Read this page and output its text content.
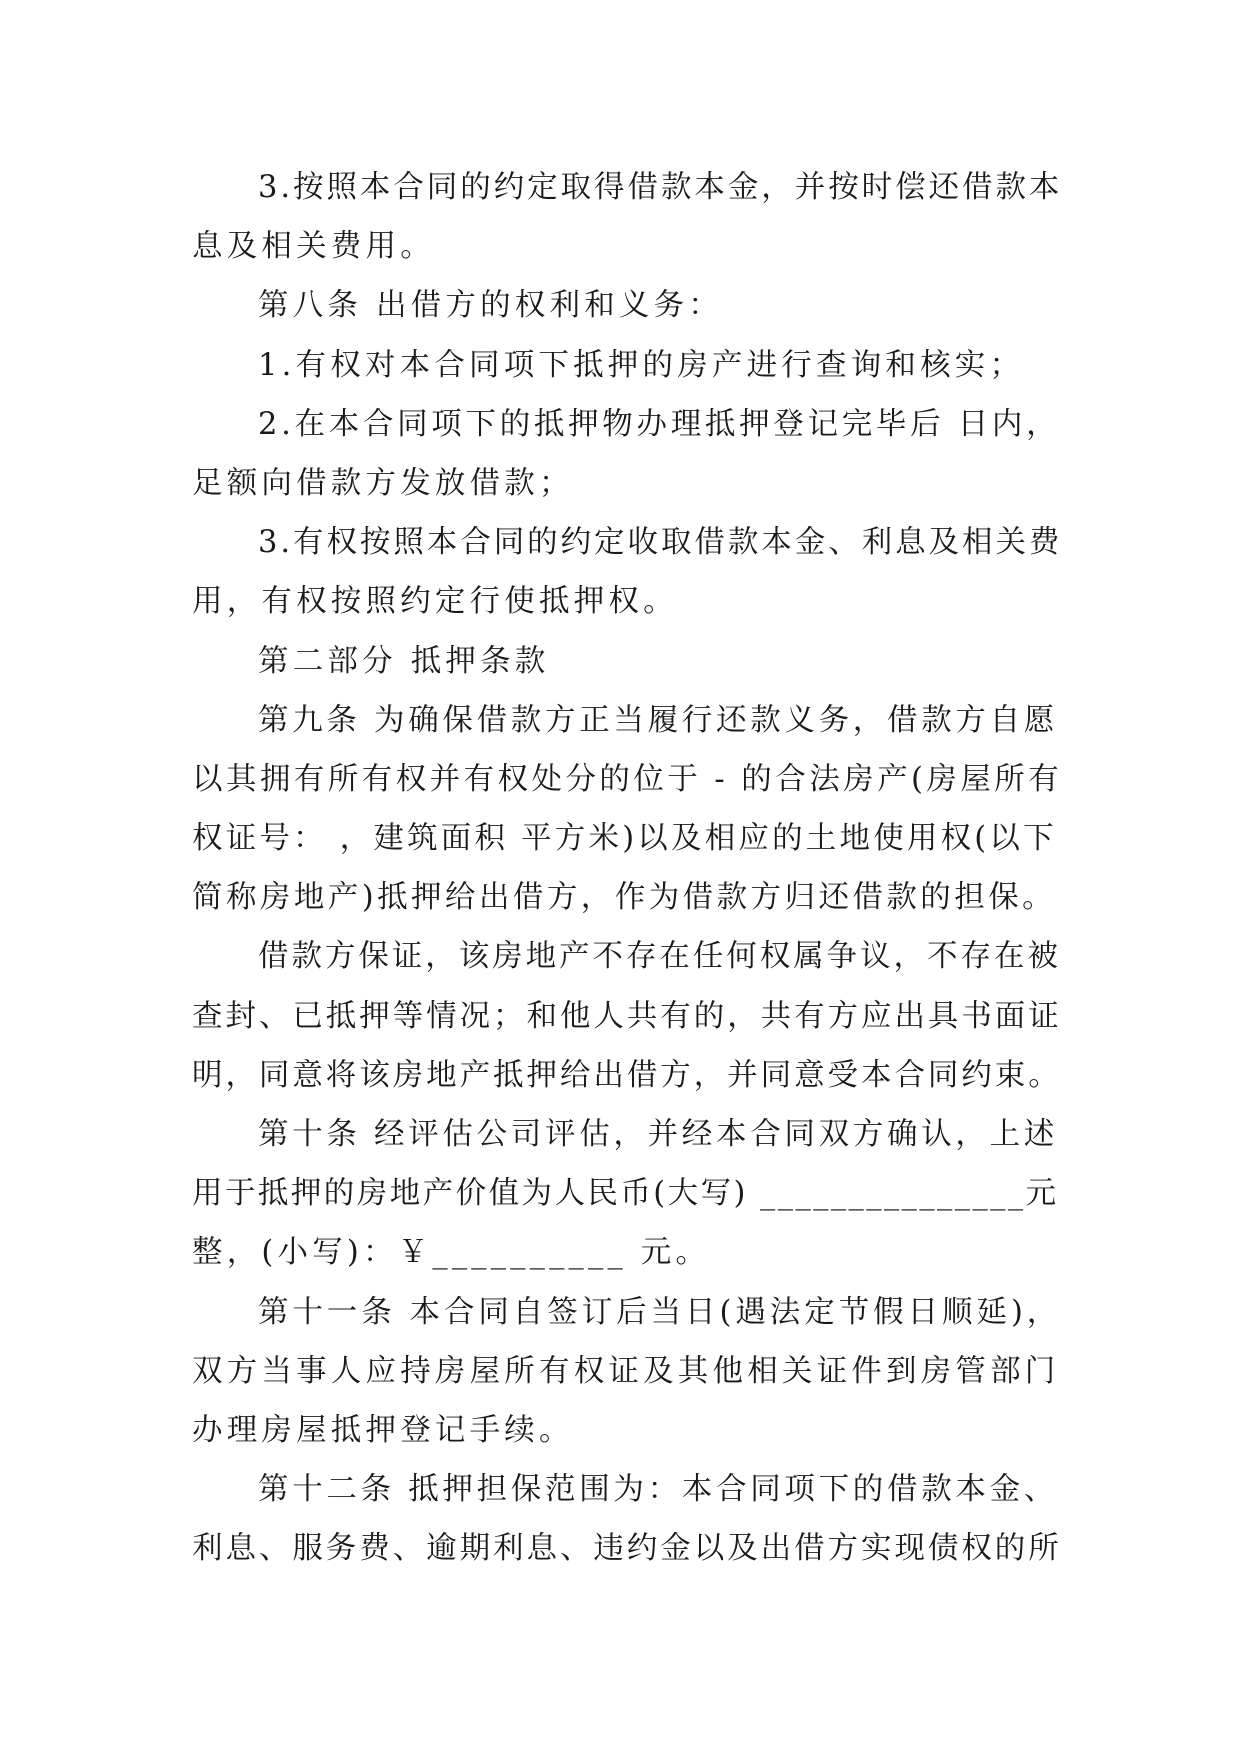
3.按照本合同的约定取得借款本金，并按时偿还借款本
息及相关费用。
第八条 出借方的权利和义务：
1.有权对本合同项下抵押的房产进行查询和核实；
2.在本合同项下的抵押物办理抵押登记完毕后 日内，
足额向借款方发放借款；
3.有权按照本合同的约定收取借款本金、利息及相关费
用，有权按照约定行使抵押权。
第二部分 抵押条款
第九条 为确保借款方正当履行还款义务，借款方自愿
以其拥有所有权并有权处分的位于 - 的合法房产(房屋所有
权证号： ，建筑面积 平方米)以及相应的土地使用权(以下
简称房地产)抵押给出借方，作为借款方归还借款的担保。
借款方保证，该房地产不存在任何权属争议，不存在被
查封、已抵押等情况；和他人共有的，共有方应出具书面证
明，同意将该房地产抵押给出借方，并同意受本合同约束。
第十条 经评估公司评估，并经本合同双方确认，上述
用于抵押的房地产价值为人民币(大写) _______________元
整，(小写)：￥__________ 元。
第十一条 本合同自签订后当日(遇法定节假日顺延)，
双方当事人应持房屋所有权证及其他相关证件到房管部门
办理房屋抵押登记手续。
第十二条 抵押担保范围为：本合同项下的借款本金、
利息、服务费、逾期利息、违约金以及出借方实现债权的所
